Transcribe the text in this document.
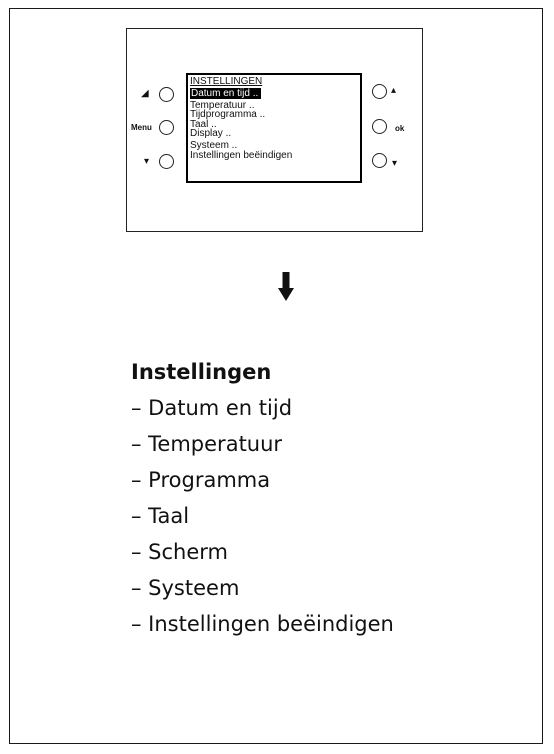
◢
Menu
▾
INSTELLINGEN
Datum en tijd ..
Temperatuur ..
Tijdprogramma ..
Taal ..
Display ..
Systeem ..
Instellingen beëindigen
▴
ok
▾
Instellingen
– Datum en tijd
– Temperatuur
– Programma
– Taal
– Scherm
– Systeem
– Instellingen beëindigen
